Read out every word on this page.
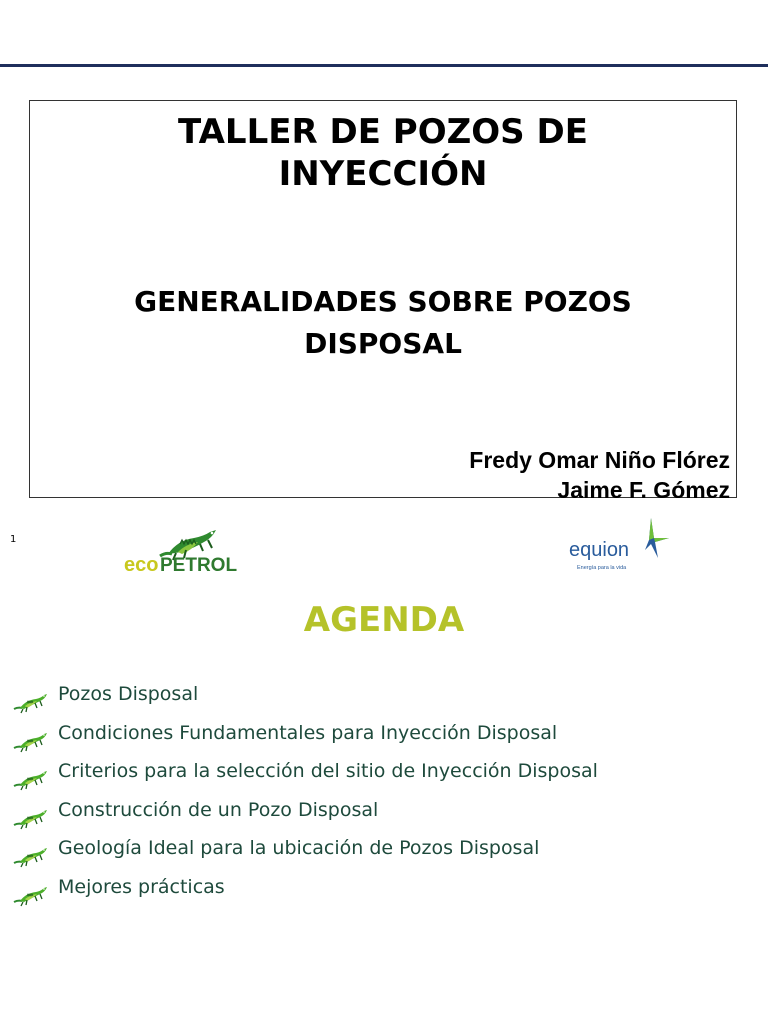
TALLER DE POZOS DE
INYECCIÓN
GENERALIDADES SOBRE POZOS
DISPOSAL
Fredy Omar Niño Flórez
Jaime F. Gómez
1
eco PETROL
equion
Energía para la vida
AGENDA
Pozos Disposal
Condiciones Fundamentales para Inyección Disposal
Criterios para la selección del sitio de Inyección Disposal
Construcción de un Pozo Disposal
Geología Ideal para la ubicación de Pozos Disposal
Mejores prácticas
